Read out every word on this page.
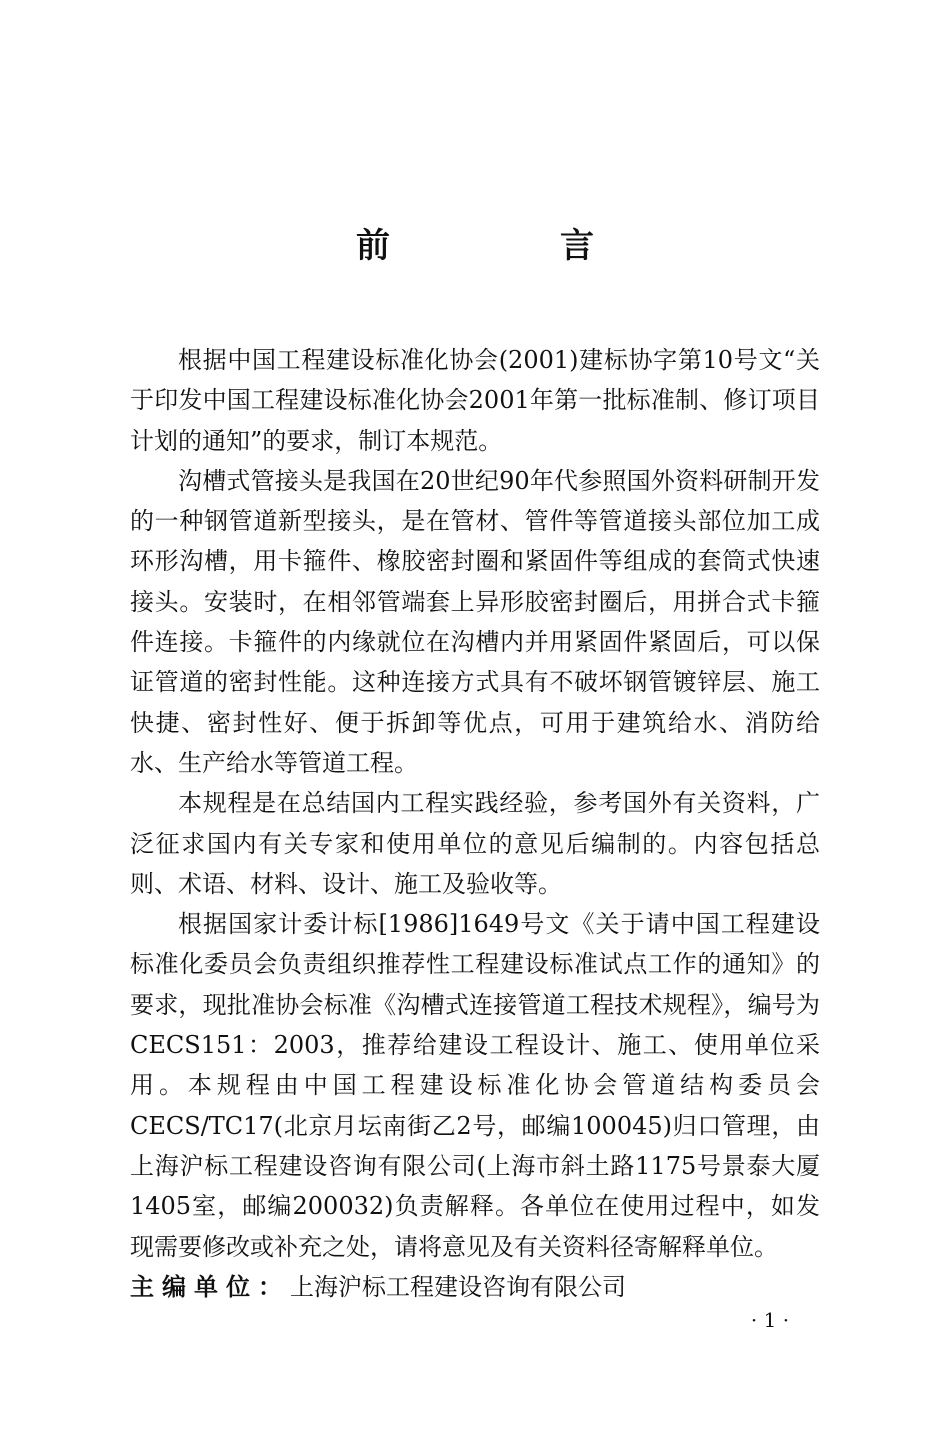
前　言

根据中国工程建设标准化协会(2001)建标协字第10号文“关于印发中国工程建设标准化协会2001年第一批标准制、修订项目计划的通知”的要求，制订本规范。

沟槽式管接头是我国在20世纪90年代参照国外资料研制开发的一种钢管道新型接头，是在管材、管件等管道接头部位加工成环形沟槽，用卡箍件、橡胶密封圈和紧固件等组成的套筒式快速接头。安装时，在相邻管端套上异形胶密封圈后，用拼合式卡箍件连接。卡箍件的内缘就位在沟槽内并用紧固件紧固后，可以保证管道的密封性能。这种连接方式具有不破坏钢管镀锌层、施工快捷、密封性好、便于拆卸等优点，可用于建筑给水、消防给水、生产给水等管道工程。

本规程是在总结国内工程实践经验，参考国外有关资料，广泛征求国内有关专家和使用单位的意见后编制的。内容包括总则、术语、材料、设计、施工及验收等。

根据国家计委计标[1986]1649号文《关于请中国工程建设标准化委员会负责组织推荐性工程建设标准试点工作的通知》的要求，现批准协会标准《沟槽式连接管道工程技术规程》，编号为CECS151：2003，推荐给建设工程设计、施工、使用单位采用。本规程由中国工程建设标准化协会管道结构委员会CECS/TC17(北京月坛南街乙2号，邮编100045)归口管理，由上海沪标工程建设咨询有限公司(上海市斜土路1175号景泰大厦1405室，邮编200032)负责解释。各单位在使用过程中，如发现需要修改或补充之处，请将意见及有关资料径寄解释单位。

主编单位：上海沪标工程建设咨询有限公司

· 1 ·
